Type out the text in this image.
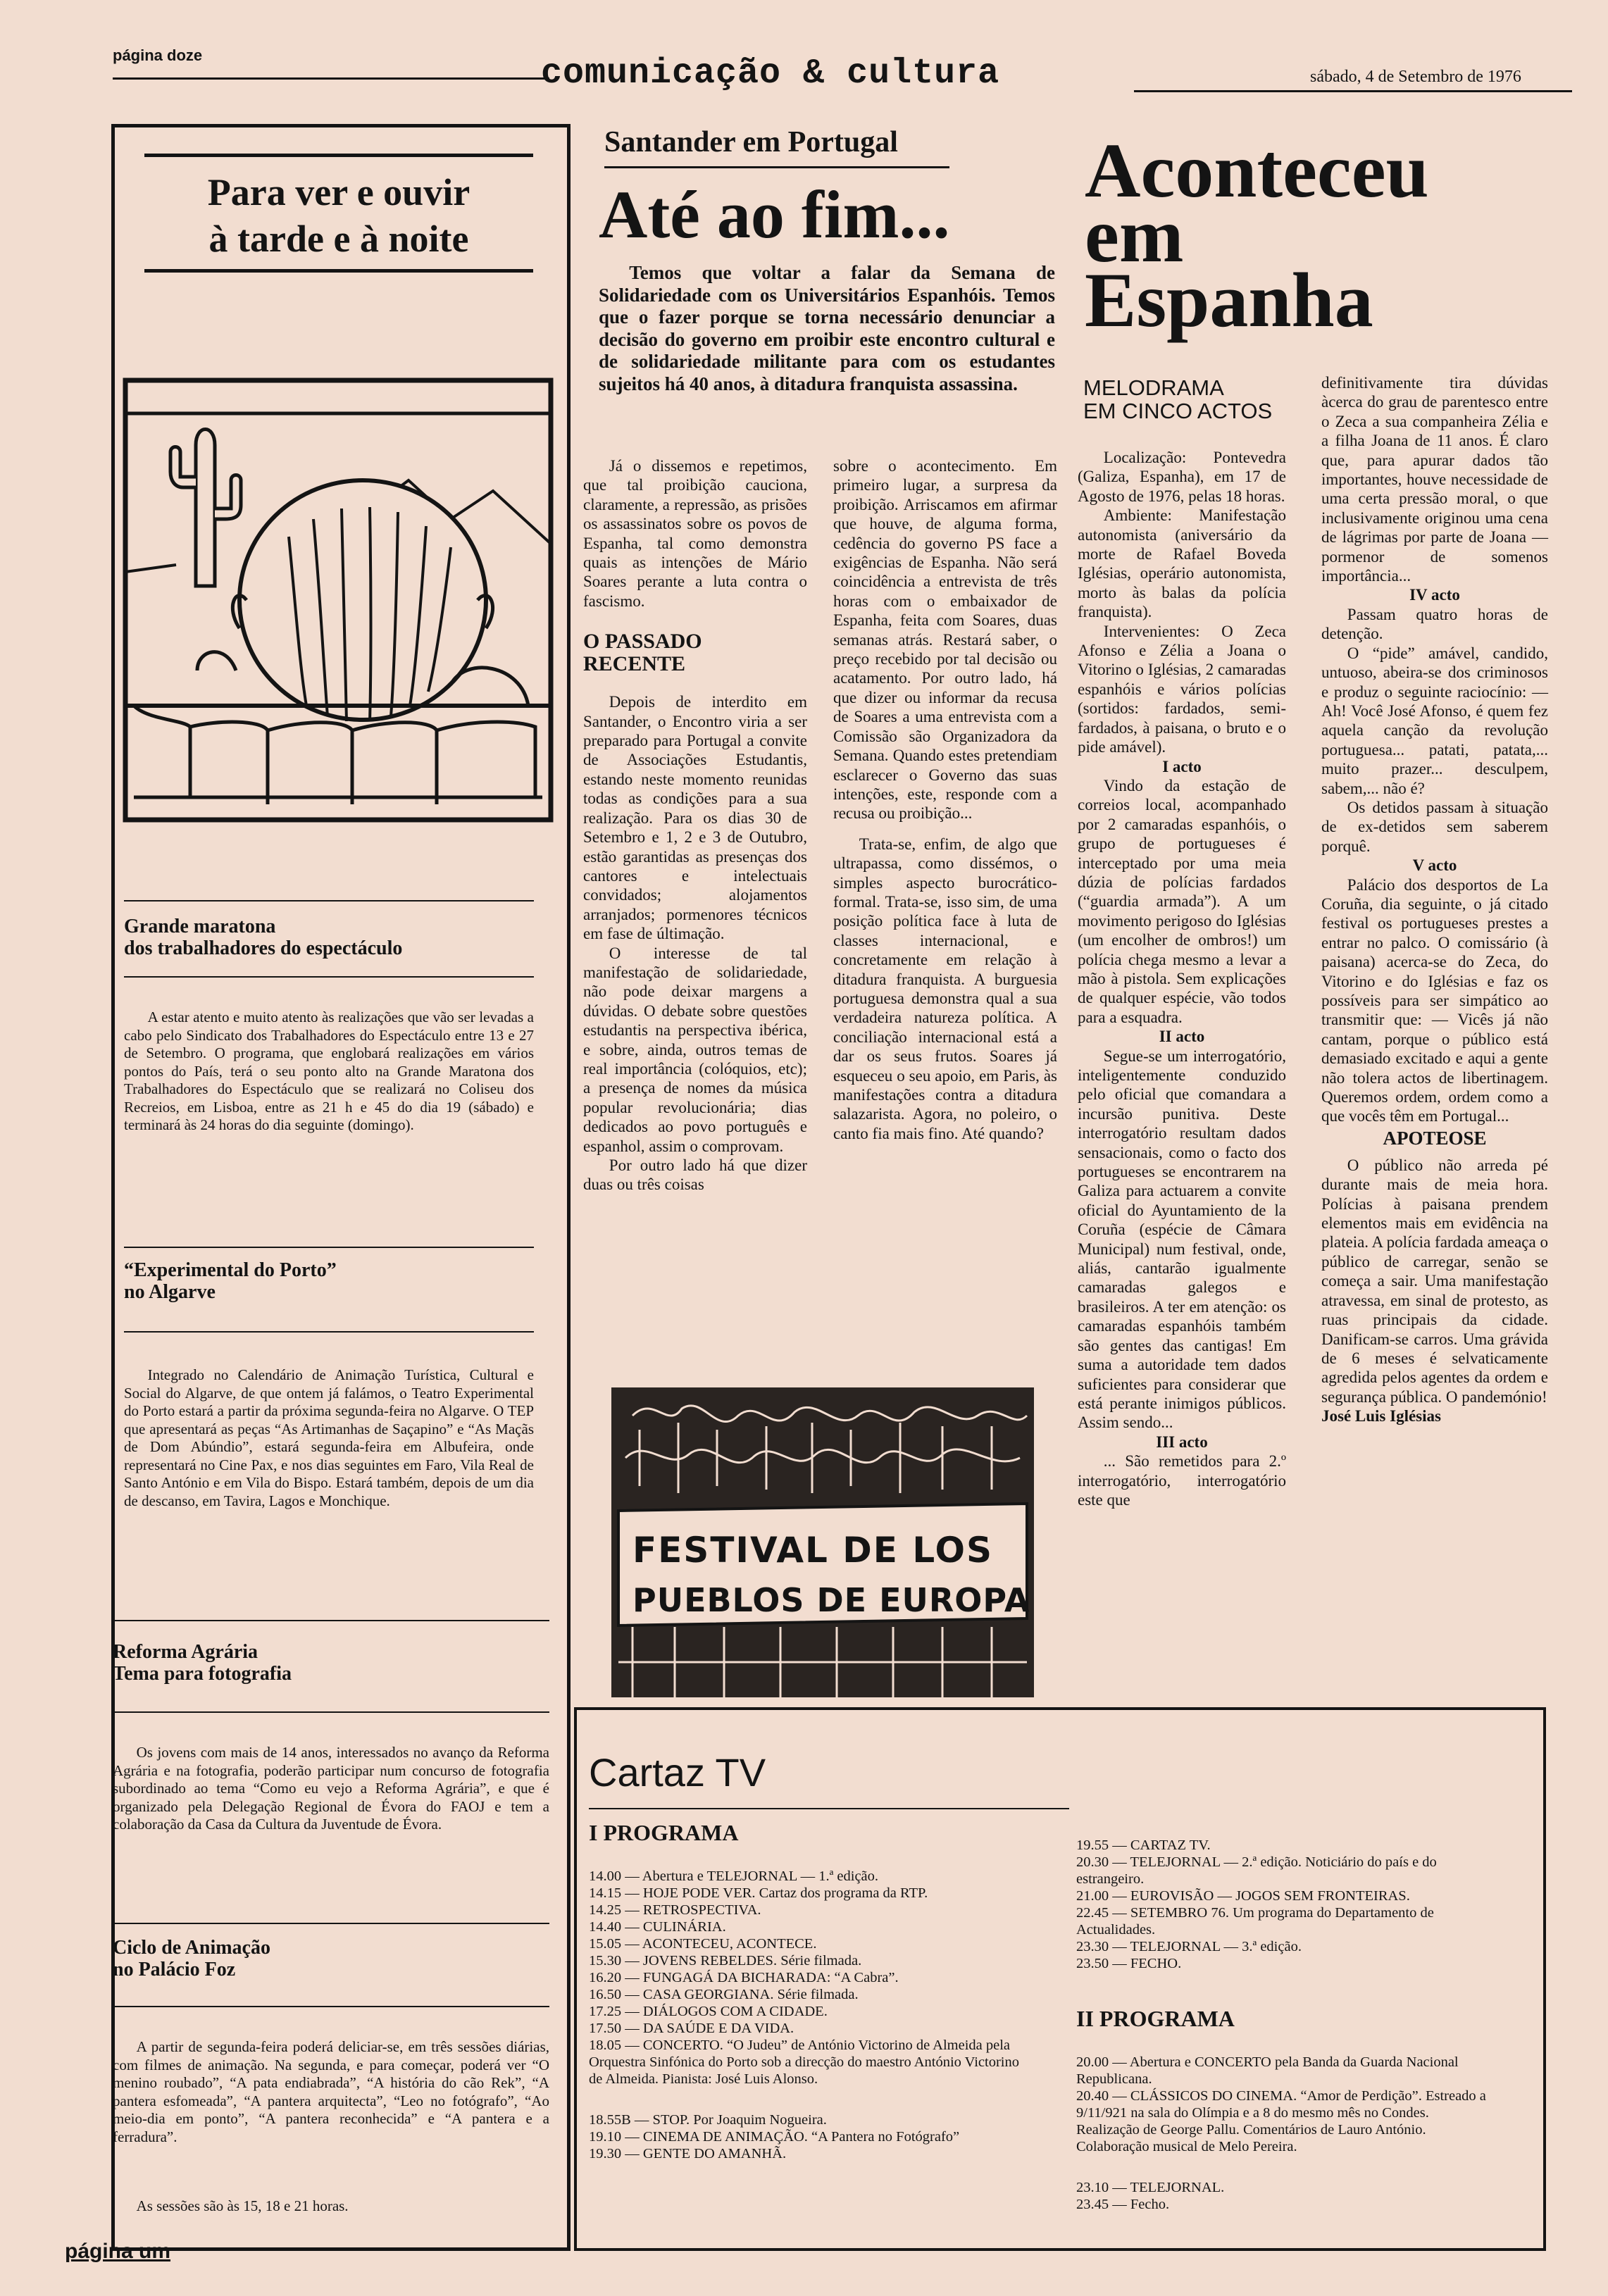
página doze	comunicação & cultura	sábado, 4 de Setembro de 1976
Para ver e ouvir
à tarde e à noite
Grande maratona
dos trabalhadores do espectáculo

A estar atento e muito atento às realizações que vão ser levadas a cabo pelo Sindicato dos Trabalhadores do Espectáculo entre 13 e 27 de Setembro. O programa, que englobará realizações em vários pontos do País, terá o seu ponto alto na Grande Maratona dos Trabalhadores do Espectáculo que se realizará no Coliseu dos Recreios, em Lisboa, entre as 21 h e 45 do dia 19 (sábado) e terminará às 24 horas do dia seguinte (domingo).

“Experimental do Porto”
no Algarve

Integrado no Calendário de Animação Turística, Cultural e Social do Algarve, de que ontem já falámos, o Teatro Experimental do Porto estará a partir da próxima segunda-feira no Algarve. O TEP que apresentará as peças “As Artimanhas de Saçapino” e “As Maçãs de Dom Abúndio”, estará segunda-feira em Albufeira, onde representará no Cine Pax, e nos dias seguintes em Faro, Vila Real de Santo António e em Vila do Bispo. Estará também, depois de um dia de descanso, em Tavira, Lagos e Monchique.

Reforma Agrária
Tema para fotografia

Os jovens com mais de 14 anos, interessados no avanço da Reforma Agrária e na fotografia, poderão participar num concurso de fotografia subordinado ao tema “Como eu vejo a Reforma Agrária”, e que é organizado pela Delegação Regional de Évora do FAOJ e tem a colaboração da Casa da Cultura da Juventude de Évora.

Ciclo de Animação
no Palácio Foz

A partir de segunda-feira poderá deliciar-se, em três sessões diárias, com filmes de animação. Na segunda, e para começar, poderá ver “O menino roubado”, “A pata endiabrada”, “A história do cão Rek”, “A pantera esfomeada”, “A pantera arquitecta”, “Leo no fotógrafo”, “Ao meio-dia em ponto”, “A pantera reconhecida” e “A pantera e a ferradura”.

As sessões são às 15, 18 e 21 horas.

página um
Santander em Portugal
Até ao fim...

Temos que voltar a falar da Semana de Solidariedade com os Universitários Espanhóis. Temos que o fazer porque se torna necessário denunciar a decisão do governo em proibir este encontro cultural e de solidariedade militante para com os estudantes sujeitos há 40 anos, à ditadura franquista assassina.

Já o dissemos e repetimos, que tal proibição cauciona, claramente, a repressão, as prisões os assassinatos sobre os povos de Espanha, tal como demonstra quais as intenções de Mário Soares perante a luta contra o fascismo.

O PASSADO
RECENTE

Depois de interdito em Santander, o Encontro viria a ser preparado para Portugal a convite de Associações Estudantis, estando neste momento reunidas todas as condições para a sua realização. Para os dias 30 de Setembro e 1, 2 e 3 de Outubro, estão garantidas as presenças dos cantores e intelectuais convidados; alojamentos arranjados; pormenores técnicos em fase de últimação.

O interesse de tal manifestação de solidariedade, não pode deixar margens a dúvidas. O debate sobre questões estudantis na perspectiva ibérica, e sobre, ainda, outros temas de real importância (colóquios, etc); a presença de nomes da música popular revolucionária; dias dedicados ao povo português e espanhol, assim o comprovam.

Por outro lado há que dizer duas ou três coisas

sobre o acontecimento. Em primeiro lugar, a surpresa da proibição. Arriscamos em afirmar que houve, de alguma forma, cedência do governo PS face a exigências de Espanha. Não será coincidência a entrevista de três horas com o embaixador de Espanha, feita com Soares, duas semanas atrás. Restará saber, o preço recebido por tal decisão ou acatamento. Por outro lado, há que dizer ou informar da recusa de Soares a uma entrevista com a Comissão são Organizadora da Semana. Quando estes pretendiam esclarecer o Governo das suas intenções, este, responde com a recusa ou proibição...

Trata-se, enfim, de algo que ultrapassa, como dissémos, o simples aspecto burocrático-formal. Trata-se, isso sim, de uma posição política face à luta de classes internacional, e concretamente em relação à ditadura franquista. A burguesia portuguesa demonstra qual a sua verdadeira natureza política. A conciliação internacional está a dar os seus frutos. Soares já esqueceu o seu apoio, em Paris, às manifestações contra a ditadura salazarista. Agora, no poleiro, o canto fia mais fino. Até quando?

FESTIVAL DE LOS
PUEBLOS DE EUROPA
Aconteceu
em
Espanha
MELODRAMA
EM CINCO ACTOS

Localização: Pontevedra (Galiza, Espanha), em 17 de Agosto de 1976, pelas 18 horas.

Ambiente: Manifestação autonomista (aniversário da morte de Rafael Boveda Iglésias, operário autonomista, morto às balas da polícia franquista).

Intervenientes: O Zeca Afonso e Zélia a Joana o Vitorino o Iglésias, 2 camaradas espanhóis e vários polícias (sortidos: fardados, semi-fardados, à paisana, o bruto e o pide amável).

I acto

Vindo da estação de correios local, acompanhado por 2 camaradas espanhóis, o grupo de portugueses é interceptado por uma meia dúzia de polícias fardados (“guardia armada”). A um movimento perigoso do Iglésias (um encolher de ombros!) um polícia chega mesmo a levar a mão à pistola. Sem explicações de qualquer espécie, vão todos para a esquadra.

II acto

Segue-se um interrogatório, inteligentemente conduzido pelo oficial que comandara a incursão punitiva. Deste interrogatório resultam dados sensacionais, como o facto dos portugueses se encontrarem na Galiza para actuarem a convite oficial do Ayuntamiento de la Coruña (espécie de Câmara Municipal) num festival, onde, aliás, cantarão igualmente camaradas galegos e brasileiros. A ter em atenção: os camaradas espanhóis também são gentes das cantigas! Em suma a autoridade tem dados suficientes para considerar que está perante inimigos públicos. Assim sendo...

III acto

... São remetidos para 2.º interrogatório, interrogatório este que

definitivamente tira dúvidas àcerca do grau de parentesco entre o Zeca a sua companheira Zélia e a filha Joana de 11 anos. É claro que, para apurar dados tão importantes, houve necessidade de uma certa pressão moral, o que inclusivamente originou uma cena de lágrimas por parte de Joana — pormenor de somenos importância...

IV acto

Passam quatro horas de detenção.

O “pide” amável, candido, untuoso, abeira-se dos criminosos e produz o seguinte raciocínio: — Ah! Você José Afonso, é quem fez aquela canção da revolução portuguesa... patati, patata,... muito prazer... desculpem, sabem,... não é?

Os detidos passam à situação de ex-detidos sem saberem porquê.

V acto

Palácio dos desportos de La Coruña, dia seguinte, o já citado festival os portugueses prestes a entrar no palco. O comissário (à paisana) acerca-se do Zeca, do Vitorino e do Iglésias e faz os possíveis para ser simpático ao transmitir que: — Vicês já não cantam, porque o público está demasiado excitado e aqui a gente não tolera actos de libertinagem. Queremos ordem, ordem como a que vocês têm em Portugal...

APOTEOSE

O público não arreda pé durante mais de meia hora. Polícias à paisana prendem elementos mais em evidência na plateia. A polícia fardada ameaça o público de carregar, senão se começa a sair. Uma manifestação atravessa, em sinal de protesto, as ruas principais da cidade. Danificam-se carros. Uma grávida de 6 meses é selvaticamente agredida pelos agentes da ordem e segurança pública. O pandemónio!

José Luis Iglésias
Cartaz TV
I PROGRAMA
14.00 — Abertura e TELEJORNAL — 1.ª edição.
14.15 — HOJE PODE VER. Cartaz dos programa da RTP.
14.25 — RETROSPECTIVA.
14.40 — CULINÁRIA.
15.05 — ACONTECEU, ACONTECE.
15.30 — JOVENS REBELDES. Série filmada.
16.20 — FUNGAGÁ DA BICHARADA: “A Cabra”.
16.50 — CASA GEORGIANA. Série filmada.
17.25 — DIÁLOGOS COM A CIDADE.
17.50 — DA SAÚDE E DA VIDA.
18.05 — CONCERTO. “O Judeu” de António Victorino de Almeida pela Orquestra Sinfónica do Porto sob a direcção do maestro António Victorino de Almeida. Pianista: José Luis Alonso.
18.55B — STOP. Por Joaquim Nogueira.
19.10 — CINEMA DE ANIMAÇÃO. “A Pantera no Fotógrafo”
19.30 — GENTE DO AMANHÃ.
19.55 — CARTAZ TV.
20.30 — TELEJORNAL — 2.ª edição. Noticiário do país e do estrangeiro.
21.00 — EUROVISÃO — JOGOS SEM FRONTEIRAS.
22.45 — SETEMBRO 76. Um programa do Departamento de Actualidades.
23.30 — TELEJORNAL — 3.ª edição.
23.50 — FECHO.
II PROGRAMA
20.00 — Abertura e CONCERTO pela Banda da Guarda Nacional Republicana.
20.40 — CLÁSSICOS DO CINEMA. “Amor de Perdição”. Estreado a 9/11/921 na sala do Olímpia e a 8 do mesmo mês no Condes. Realização de George Pallu. Comentários de Lauro António. Colaboração musical de Melo Pereira.
23.10 — TELEJORNAL.
23.45 — Fecho.
